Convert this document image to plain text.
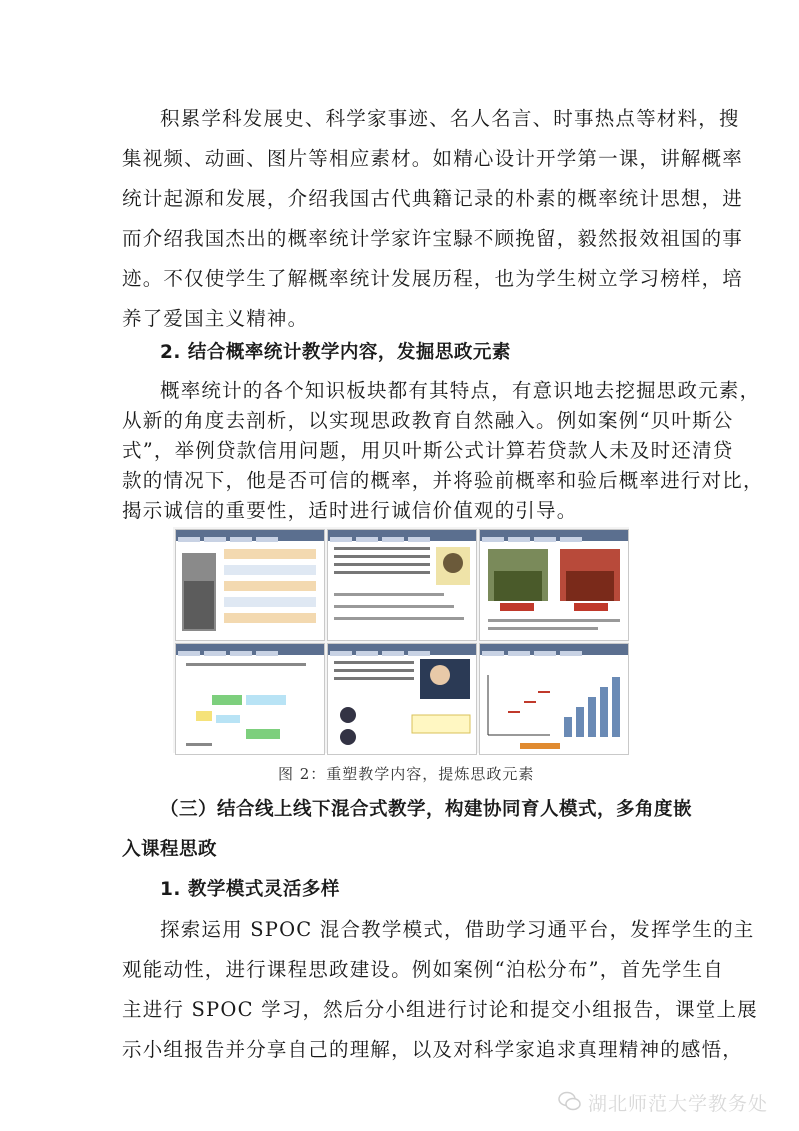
积累学科发展史、科学家事迹、名人名言、时事热点等材料，搜
集视频、动画、图片等相应素材。如精心设计开学第一课，讲解概率
统计起源和发展，介绍我国古代典籍记录的朴素的概率统计思想，进
而介绍我国杰出的概率统计学家许宝騄不顾挽留，毅然报效祖国的事
迹。不仅使学生了解概率统计发展历程，也为学生树立学习榜样，培
养了爱国主义精神。
2. 结合概率统计教学内容，发掘思政元素
概率统计的各个知识板块都有其特点，有意识地去挖掘思政元素，
从新的角度去剖析，以实现思政教育自然融入。例如案例“贝叶斯公
式”，举例贷款信用问题，用贝叶斯公式计算若贷款人未及时还清贷
图 2：重塑教学内容，提炼思政元素
（三）结合线上线下混合式教学，构建协同育人模式，多角度嵌
入课程思政
1. 教学模式灵活多样
探索运用 SPOC 混合教学模式，借助学习通平台，发挥学生的主
观能动性，进行课程思政建设。例如案例“泊松分布”，首先学生自
主进行 SPOC 学习，然后分小组进行讨论和提交小组报告，课堂上展
示小组报告并分享自己的理解，以及对科学家追求真理精神的感悟，
湖北师范大学教务处
款的情况下，他是否可信的概率，并将验前概率和验后概率进行对比，
揭示诚信的重要性，适时进行诚信价值观的引导。
